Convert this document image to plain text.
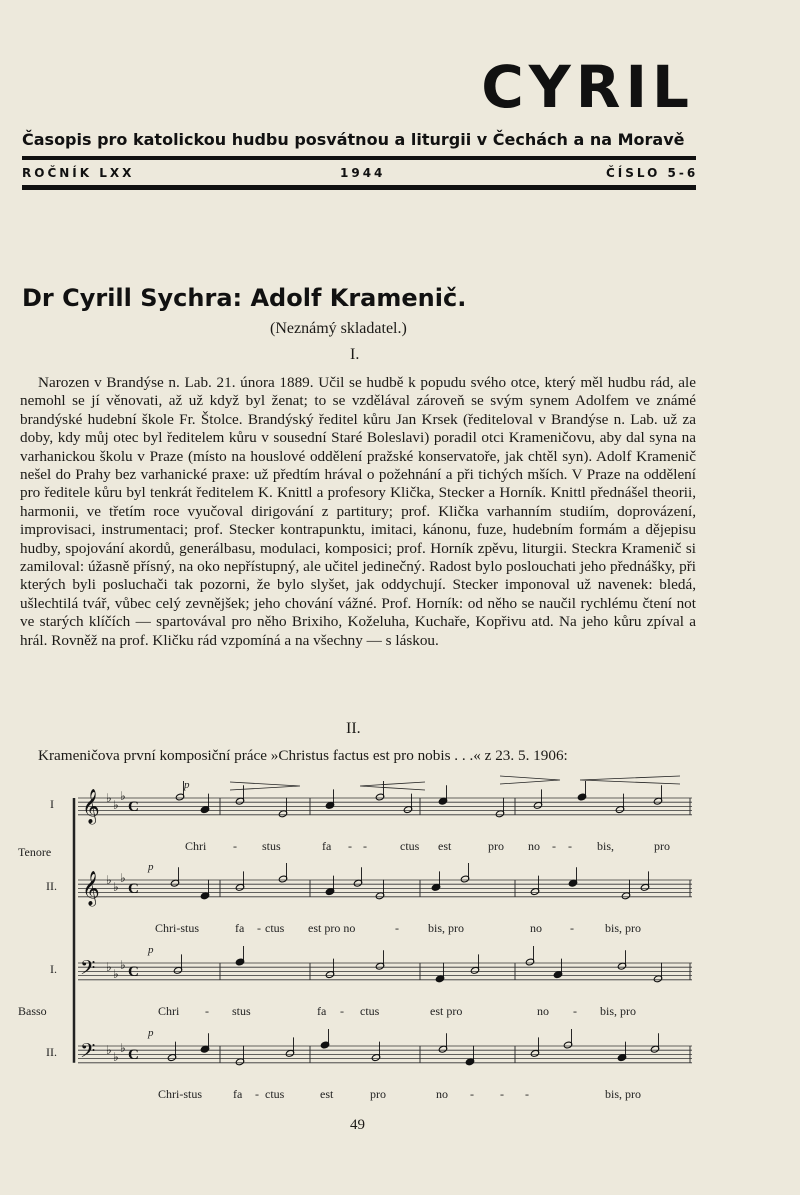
CYRIL
Časopis pro katolickou hudbu posvátnou a liturgii v Čechách a na Moravě
ROČNÍK LXX	1944	ČÍSLO 5-6
Dr Cyrill Sychra: Adolf Kramenič.
(Neznámý skladatel.)
I.

Narozen v Brandýse n. Lab. 21. února 1889. Učil se hudbě k popudu svého otce, který měl hudbu rád, ale nemohl se jí věnovati, až už když byl ženat; to se vzdělával zároveň se svým synem Adolfem ve známé brandýské hudební škole Fr. Štolce. Brandýský ředitel kůru Jan Krsek (řediteloval v Brandýse n. Lab. už za doby, kdy můj otec byl ředitelem kůru v sousední Staré Boleslavi) poradil otci Krameničovu, aby dal syna na varhanickou školu v Praze (místo na houslové oddělení pražské konservatoře, jak chtěl syn). Adolf Kramenič nešel do Prahy bez varhanické praxe: už předtím hrával o požehnání a při tichých mších. V Praze na oddělení pro ředitele kůru byl tenkrát ředitelem K. Knittl a profesory Klička, Stecker a Horník. Knittl přednášel theorii, harmonii, ve třetím roce vyučoval dirigování z partitury; prof. Klička varhanním studiím, doprovázení, improvisaci, instrumentaci; prof. Stecker kontrapunktu, imitaci, kánonu, fuze, hudebním formám a dějepisu hudby, spojování akordů, generálbasu, modulaci, komposici; prof. Horník zpěvu, liturgii. Steckra Kramenič si zamiloval: úžasně přísný, na oko nepřístupný, ale učitel jedinečný. Radost bylo poslouchati jeho přednášky, při kterých byli posluchači tak pozorni, že bylo slyšet, jak oddychují. Stecker imponoval už navenek: bledá, ušlechtilá tvář, vůbec celý zevnějšek; jeho chování vážné. Prof. Horník: od něho se naučil rychlému čtení not ve starých klíčích — spartovával pro něho Brixiho, Koželuha, Kuchaře, Kopřivu atd. Na jeho kůru zpíval a hrál. Rovněž na prof. Kličku rád vzpomíná a na všechny — s láskou.

II.
Krameničova první komposiční práce »Christus factus est pro nobis . . .« z 23. 5. 1906:
𝄞 ♭ ♭
♭
C
p
I
Tenore	Chri - stus	fa - -	ctus est	pro no - - bis,	pro
𝄞 ♭ ♭
♭
C
p
II.
Chri-stus	fa - ctus est pro no	- bis, pro	no -	bis, pro
𝄢 ♭ ♭
♭ C
p
I.
Basso	Chri - stus	fa - ctus	est pro	no - bis, pro
𝄢 ♭ ♭
♭ C
p
II.
Chri-stus	fa - ctus	est	pro	no - - -	bis, pro
49
